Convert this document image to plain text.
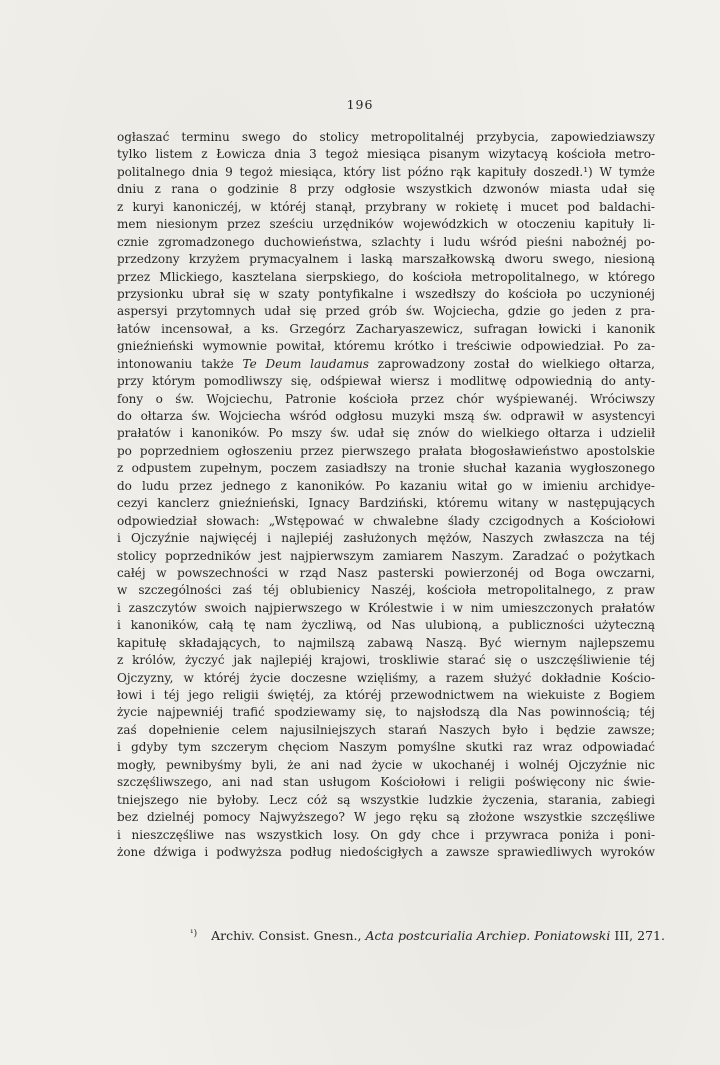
196
ogłaszać terminu swego do stolicy metropolitalnéj przybycia, zapowiedziawszy
tylko listem z Łowicza dnia 3 tegoż miesiąca pisanym wizytacyą kościoła metro-
politalnego dnia 9 tegoż miesiąca, który list późno rąk kapituły doszedł.¹) W tymże
dniu z rana o godzinie 8 przy odgłosie wszystkich dzwonów miasta udał się
z kuryi kanoniczéj, w któréj stanął, przybrany w rokietę i mucet pod baldachi-
mem niesionym przez sześciu urzędników wojewódzkich w otoczeniu kapituły li-
cznie zgromadzonego duchowieństwa, szlachty i ludu wśród pieśni nabożnéj po-
przedzony krzyżem prymacyalnem i laską marszałkowską dworu swego, niesioną
przez Mlickiego, kasztelana sierpskiego, do kościoła metropolitalnego, w którego
przysionku ubrał się w szaty pontyfikalne i wszedłszy do kościoła po uczynionéj
aspersyi przytomnych udał się przed grób św. Wojciecha, gdzie go jeden z pra-
łatów incensował, a ks. Grzegórz Zacharyaszewicz, sufragan łowicki i kanonik
gnieźnieński wymownie powitał, któremu krótko i treściwie odpowiedział. Po za-
intonowaniu także Te Deum laudamus zaprowadzony został do wielkiego ołtarza,
przy którym pomodliwszy się, odśpiewał wiersz i modlitwę odpowiednią do anty-
fony o św. Wojciechu, Patronie kościoła przez chór wyśpiewanéj. Wróciwszy
do ołtarza św. Wojciecha wśród odgłosu muzyki mszą św. odprawił w asystencyi
prałatów i kanoników. Po mszy św. udał się znów do wielkiego ołtarza i udzielił
po poprzedniem ogłoszeniu przez pierwszego prałata błogosławieństwo apostolskie
z odpustem zupełnym, poczem zasiadłszy na tronie słuchał kazania wygłoszonego
do ludu przez jednego z kanoników. Po kazaniu witał go w imieniu archidye-
cezyi kanclerz gnieźnieński, Ignacy Bardziński, któremu witany w następujących
odpowiedział słowach: „Wstępować w chwalebne ślady czcigodnych a Kościołowi
i Ojczyźnie najwięcéj i najlepiéj zasłużonych mężów, Naszych zwłaszcza na téj
stolicy poprzedników jest najpierwszym zamiarem Naszym. Zaradzać o pożytkach
całéj w powszechności w rząd Nasz pasterski powierzonéj od Boga owczarni,
w szczególności zaś téj oblubienicy Naszéj, kościoła metropolitalnego, z praw
i zaszczytów swoich najpierwszego w Królestwie i w nim umieszczonych prałatów
i kanoników, całą tę nam życzliwą, od Nas ulubioną, a publiczności użyteczną
kapitułę składających, to najmilszą zabawą Naszą. Być wiernym najlepszemu
z królów, życzyć jak najlepiéj krajowi, troskliwie starać się o uszczęśliwienie téj
Ojczyzny, w któréj życie doczesne wzięliśmy, a razem służyć dokładnie Kościo-
łowi i téj jego religii świętéj, za któréj przewodnictwem na wiekuiste z Bogiem
życie najpewniéj trafić spodziewamy się, to najsłodszą dla Nas powinnością; téj
zaś dopełnienie celem najusilniejszych starań Naszych było i będzie zawsze;
i gdyby tym szczerym chęciom Naszym pomyślne skutki raz wraz odpowiadać
mogły, pewnibyśmy byli, że ani nad życie w ukochanéj i wolnéj Ojczyźnie nic
szczęśliwszego, ani nad stan usługom Kościołowi i religii poświęcony nic świe-
tniejszego nie byłoby. Lecz cóż są wszystkie ludzkie życzenia, starania, zabiegi
bez dzielnéj pomocy Najwyższego? W jego ręku są złożone wszystkie szczęśliwe
i nieszczęśliwe nas wszystkich losy. On gdy chce i przywraca poniża i poni-
żone dźwiga i podwyższa podług niedościgłych a zawsze sprawiedliwych wyroków
$^{^1)}$ Archiv. Consist. Gnesn., Acta postcurialia Archiep. Poniatowski III, 271.
